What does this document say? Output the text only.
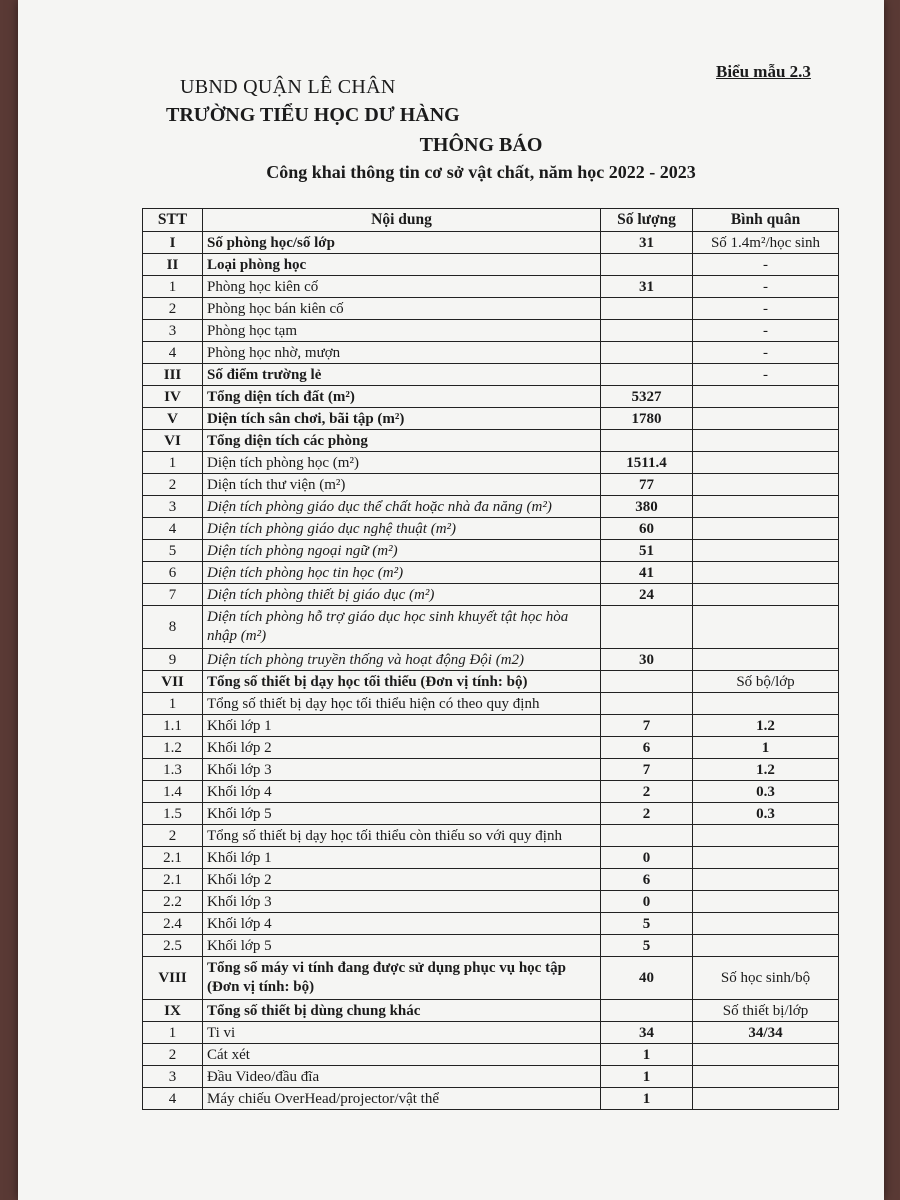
Biểu mẫu 2.3
UBND QUẬN LÊ CHÂN
TRƯỜNG TIỂU HỌC DƯ HÀNG
THÔNG BÁO
Công khai thông tin cơ sở vật chất, năm học 2022 - 2023
STT	Nội dung	Số lượng	Bình quân
I	Số phòng học/số lớp	31	Số 1.4m²/học sinh
II	Loại phòng học		-
1	Phòng học kiên cố	31	-
2	Phòng học bán kiên cố		-
3	Phòng học tạm		-
4	Phòng học nhờ, mượn		-
III	Số điểm trường lẻ		-
IV	Tổng diện tích đất (m²)	5327	
V	Diện tích sân chơi, bãi tập (m²)	1780	
VI	Tổng diện tích các phòng		
1	Diện tích phòng học (m²)	1511.4	
2	Diện tích thư viện (m²)	77	
3	Diện tích phòng giáo dục thể chất hoặc nhà đa năng (m²)	380	
4	Diện tích phòng giáo dục nghệ thuật (m²)	60	
5	Diện tích phòng ngoại ngữ (m²)	51	
6	Diện tích phòng học tin học (m²)	41	
7	Diện tích phòng thiết bị giáo dục (m²)	24	
8	Diện tích phòng hỗ trợ giáo dục học sinh khuyết tật học hòa nhập (m²)		
9	Diện tích phòng truyền thống và hoạt động Đội (m2)	30	
VII	Tổng số thiết bị dạy học tối thiểu (Đơn vị tính: bộ)		Số bộ/lớp
1	Tổng số thiết bị dạy học tối thiểu hiện có theo quy định		
1.1	Khối lớp 1	7	1.2
1.2	Khối lớp 2	6	1
1.3	Khối lớp 3	7	1.2
1.4	Khối lớp 4	2	0.3
1.5	Khối lớp 5	2	0.3
2	Tổng số thiết bị dạy học tối thiểu còn thiếu so với quy định		
2.1	Khối lớp 1	0	
2.1	Khối lớp 2	6	
2.2	Khối lớp 3	0	
2.4	Khối lớp 4	5	
2.5	Khối lớp 5	5	
VIII	Tổng số máy vi tính đang được sử dụng phục vụ học tập (Đơn vị tính: bộ)	40	Số học sinh/bộ
IX	Tổng số thiết bị dùng chung khác		Số thiết bị/lớp
1	Ti vi	34	34/34
2	Cát xét	1	
3	Đầu Video/đầu đĩa	1	
4	Máy chiếu OverHead/projector/vật thể	1	
